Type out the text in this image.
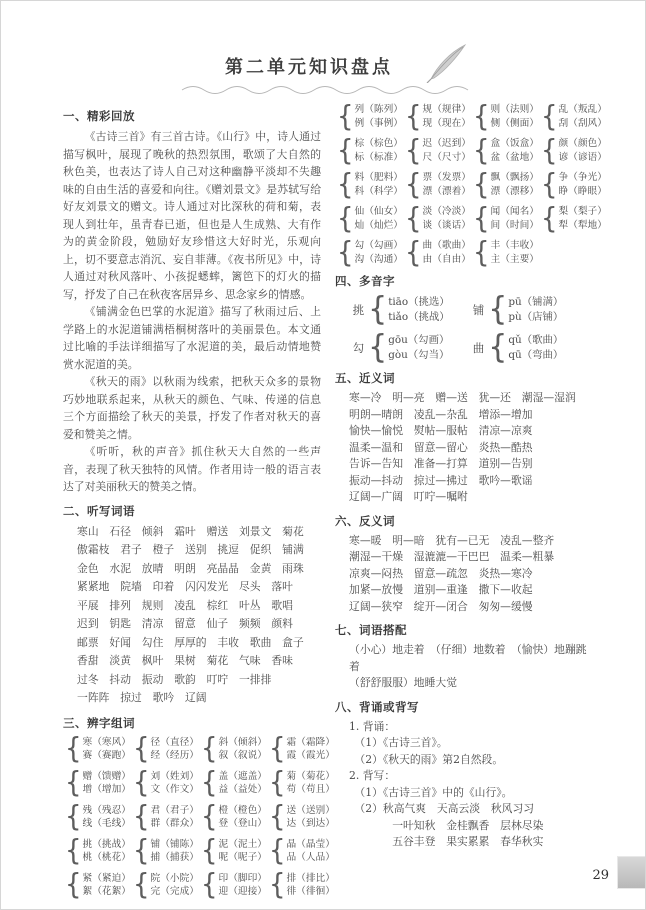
第二单元知识盘点
一、精彩回放

《古诗三首》有三首古诗。《山行》中，诗人通过描写枫叶，展现了晚秋的热烈氛围，歌颂了大自然的秋色美，也表达了诗人自己对这种幽静平淡却不失趣味的自由生活的喜爱和向往。《赠刘景文》是苏轼写给好友刘景文的赠文。诗人通过对比深秋的荷和菊，表现人到壮年，虽青春已逝，但也是人生成熟、大有作为的黄金阶段，勉励好友珍惜这大好时光，乐观向上，切不要意志消沉、妄自菲薄。《夜书所见》中，诗人通过对秋风落叶、小孩捉蟋蟀，篱笆下的灯火的描写，抒发了自己在秋夜客居异乡、思念家乡的情感。

《铺满金色巴掌的水泥道》描写了秋雨过后、上学路上的水泥道铺满梧桐树落叶的美丽景色。本文通过比喻的手法详细描写了水泥道的美，最后动情地赞赏水泥道的美。

《秋天的雨》以秋雨为线索，把秋天众多的景物巧妙地联系起来，从秋天的颜色、气味、传递的信息三个方面描绘了秋天的美景，抒发了作者对秋天的喜爱和赞美之情。

《听听，秋的声音》抓住秋天大自然的一些声音，表现了秋天独特的风情。作者用诗一般的语言表达了对美丽秋天的赞美之情。

二、听写词语
寒山　石径　倾斜　霜叶　赠送　刘景文　菊花
傲霜枝　君子　橙子　送别　挑逗　促织　铺满
金色　水泥　放晴　明朗　亮晶晶　金黄　雨珠
紧紧地　院墙　印着　闪闪发光　尽头　落叶
平展　排列　规则　凌乱　棕红　叶丛　歌唱
迟到　钥匙　清凉　留意　仙子　频频　颜料
邮票　好闻　勾住　厚厚的　丰收　歌曲　盒子
香甜　淡黄　枫叶　果树　菊花　气味　香味
过冬　抖动　振动　歌韵　叮咛　一排排
一阵阵　掠过　歌吟　辽阔
三、辨字组词
{ 寒（寒风）
赛（赛跑） { 径（直径）
经（经历） { 斜（倾斜）
叙（叙说） { 霜（霜降）
霞（霞光）
{ 赠（馈赠）
增（增加） { 刘（姓刘）
文（作文） { 盖（遮盖）
益（益处） { 菊（菊花）
苟（苟且）
{ 残（残忍）
线（毛线） { 君（君子）
群（群众） { 橙（橙色）
登（登山） { 送（送别）
达（到达）
{ 挑（挑战）
桃（桃花） { 铺（铺陈）
捕（捕获） { 泥（泥土）
呢（呢子） { 晶（晶莹）
品（人品）
{ 紧（紧迫）
絮（花絮） { 院（小院）
完（完成） { 印（脚印）
迎（迎接） { 排（排比）
徘（徘徊）
{ 列（陈列）
例（事例） { 规（规律）
现（现在） { 则（法则）
侧（侧面） { 乱（叛乱）
刮（刮风）
{ 棕（棕色）
标（标准） { 迟（迟到）
尺（尺寸） { 盒（饭盒）
盆（盆地） { 颜（颜色）
谚（谚语）
{ 料（肥料）
科（科学） { 票（发票）
漂（漂着） { 飘（飘扬）
漂（漂移） { 争（争光）
睁（睁眼）
{ 仙（仙女）
灿（灿烂） { 淡（冷淡）
谈（谈话） { 闻（闻名）
间（时间） { 梨（梨子）
犁（犁地）
{ 勾（勾画）
沟（沟通） { 曲（歌曲）
由（自由） { 丰（丰收）
主（主要）
四、多音字
挑 { tiāo（挑选）
tiǎo（挑战） 铺 { pū（铺满）
pù（店铺）
勾 { gōu（勾画）
gòu（勾当） 曲 { qǔ（歌曲）
qū（弯曲）
五、近义词
寒—冷　明—亮　赠—送　犹—还　潮湿—湿润
明朗—晴朗　凌乱—杂乱　增添—增加
愉快—愉悦　熨帖—服帖　清凉—凉爽
温柔—温和　留意—留心　炎热—酷热
告诉—告知　准备—打算　道别—告别
振动—抖动　掠过—拂过　歌吟—歌谣
辽阔—广阔　叮咛—嘱咐
六、反义词
寒—暖　明—暗　犹有—已无　凌乱—整齐
潮湿—干燥　湿漉漉—干巴巴　温柔—粗暴
凉爽—闷热　留意—疏忽　炎热—寒冷
加紧—放慢　道别—重逢　撒下—收起
辽阔—狭窄　绽开—闭合　匆匆—缓慢
七、词语搭配
（小心）地走着　（仔细）地数着　（愉快）地蹦跳着
（舒舒服服）地睡大觉
八、背诵或背写
1. 背诵：
　（1）《古诗三首》。
　（2）《秋天的雨》第2自然段。
2. 背写：
　（1）《古诗三首》中的《山行》。
　（2）秋高气爽　天高云淡　秋风习习
　　　　一叶知秋　金桂飘香　层林尽染
　　　　五谷丰登　果实累累　春华秋实
29
